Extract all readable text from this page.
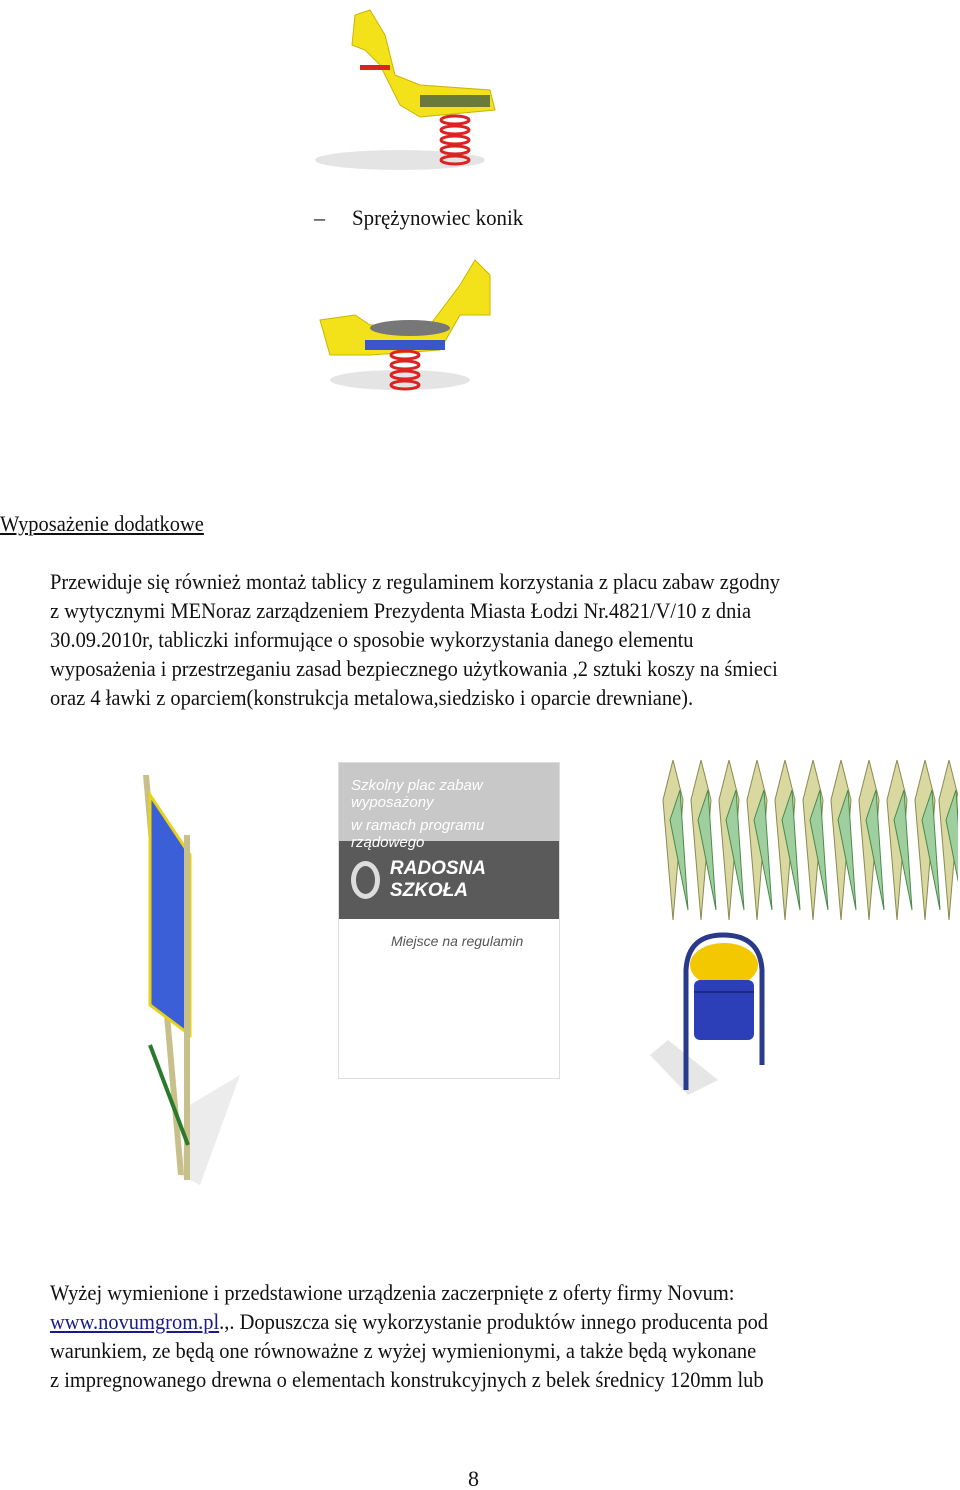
– Sprężynowiec konik
Wyposażenie dodatkowe
Przewiduje się również montaż tablicy z regulaminem korzystania z placu zabaw zgodny
z wytycznymi MENoraz zarządzeniem Prezydenta Miasta Łodzi Nr.4821/V/10 z dnia
30.09.2010r, tabliczki informujące o sposobie wykorzystania danego elementu
wyposażenia i przestrzeganiu zasad bezpiecznego użytkowania ,2 sztuki koszy na śmieci
oraz 4 ławki z oparciem(konstrukcja metalowa,siedzisko i oparcie drewniane).
Szkolny plac zabaw wyposażony
w ramach programu rządowego
RADOSNA SZKOŁA
Miejsce na regulamin
Wyżej wymienione i przedstawione urządzenia zaczerpnięte z oferty firmy Novum:
www.novumgrom.pl.,. Dopuszcza się wykorzystanie produktów innego producenta pod
warunkiem, ze będą one równoważne z wyżej wymienionymi, a także będą wykonane
z impregnowanego drewna o elementach konstrukcyjnych z belek średnicy 120mm lub
8
